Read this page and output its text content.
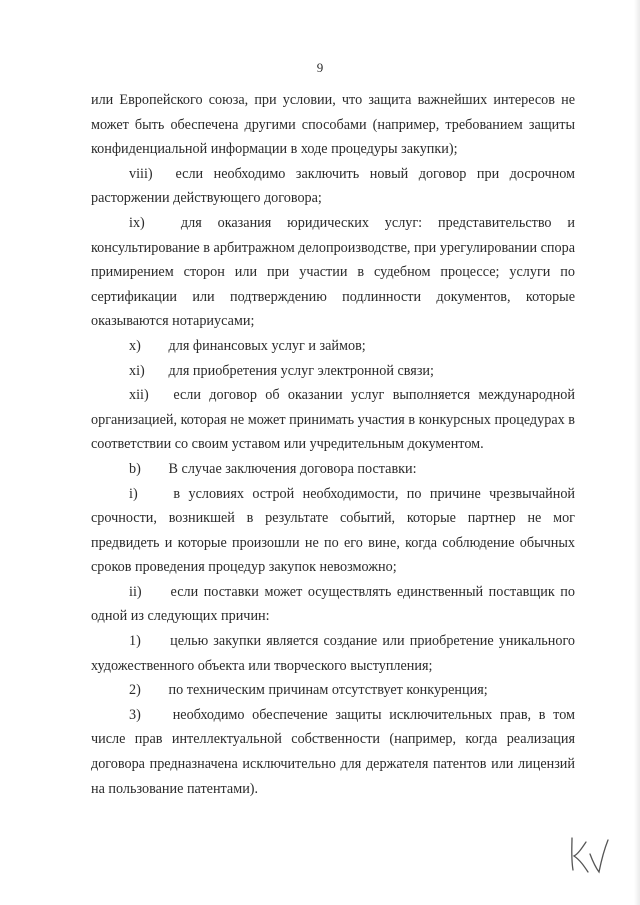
9

или Европейского союза, при условии, что защита важнейших интересов не может быть обеспечена другими способами (например, требованием защиты конфиденциальной информации в ходе процедуры закупки);

viii) если необходимо заключить новый договор при досрочном расторжении действующего договора;

ix)	для оказания юридических услуг: представительство и консультирование в арбитражном делопроизводстве, при урегулировании спора примирением сторон или при участии в судебном процессе; услуги по сертификации или подтверждению подлинности документов, которые оказываются нотариусами;

x) для финансовых услуг и займов;

xi) для приобретения услуг электронной связи;

xii) если договор об оказании услуг выполняется международной организацией, которая не может принимать участия в конкурсных процедурах в соответствии со своим уставом или учредительным документом.

b) В случае заключения договора поставки:

i)	в условиях острой необходимости, по причине чрезвычайной срочности, возникшей в результате событий, которые партнер не мог предвидеть и которые произошли не по его вине, когда соблюдение обычных сроков проведения процедур закупок невозможно;

ii) если поставки может осуществлять единственный поставщик по одной из следующих причин:

1) целью закупки является создание или приобретение уникального художественного объекта или творческого выступления;

2) по техническим причинам отсутствует конкуренция;

3) необходимо обеспечение защиты исключительных прав, в том числе прав интеллектуальной собственности (например, когда реализация договора предназначена исключительно для держателя патентов или лицензий на пользование патентами).
